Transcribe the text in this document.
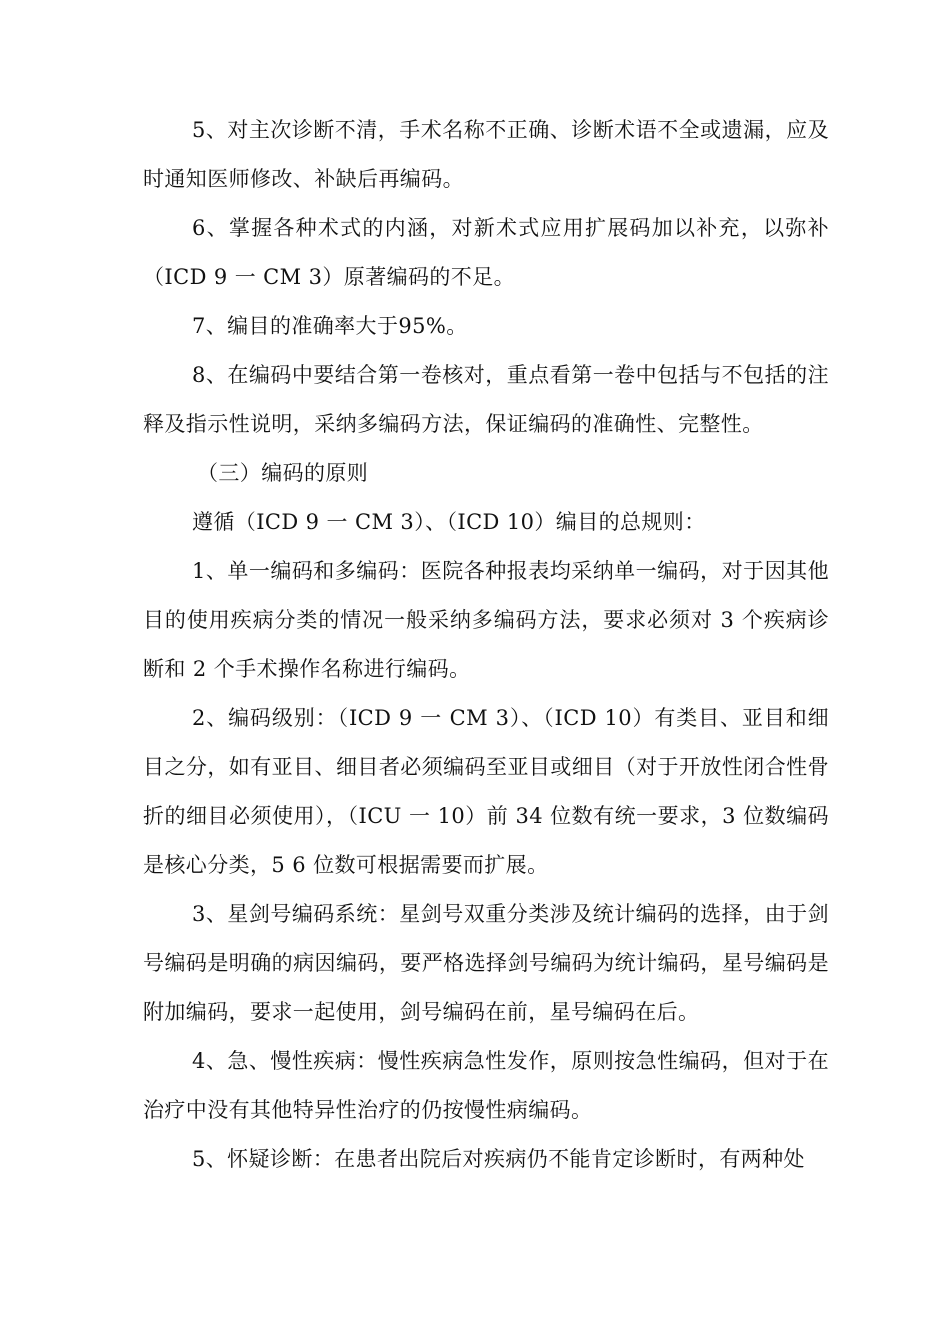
5、对主次诊断不清，手术名称不正确、诊断术语不全或遗漏，应及时通知医师修改、补缺后再编码。

6、掌握各种术式的内涵，对新术式应用扩展码加以补充，以弥补（ICD 9 一 CM 3）原著编码的不足。

7、编目的准确率大于95%。

8、在编码中要结合第一卷核对，重点看第一卷中包括与不包括的注释及指示性说明，采纳多编码方法，保证编码的准确性、完整性。

（三）编码的原则

遵循（ICD 9 一 CM 3）、（ICD 10）编目的总规则：

1、单一编码和多编码：医院各种报表均采纳单一编码，对于因其他目的使用疾病分类的情况一般采纳多编码方法，要求必须对 3 个疾病诊断和 2 个手术操作名称进行编码。

2、编码级别：（ICD 9 一 CM 3）、（ICD 10）有类目、亚目和细目之分，如有亚目、细目者必须编码至亚目或细目（对于开放性闭合性骨折的细目必须使用），（ICU 一 10）前 34 位数有统一要求，3 位数编码是核心分类，5 6 位数可根据需要而扩展。

3、星剑号编码系统：星剑号双重分类涉及统计编码的选择，由于剑号编码是明确的病因编码，要严格选择剑号编码为统计编码，星号编码是附加编码，要求一起使用，剑号编码在前，星号编码在后。

4、急、慢性疾病：慢性疾病急性发作，原则按急性编码，但对于在治疗中没有其他特异性治疗的仍按慢性病编码。

5、怀疑诊断：在患者出院后对疾病仍不能肯定诊断时，有两种处
